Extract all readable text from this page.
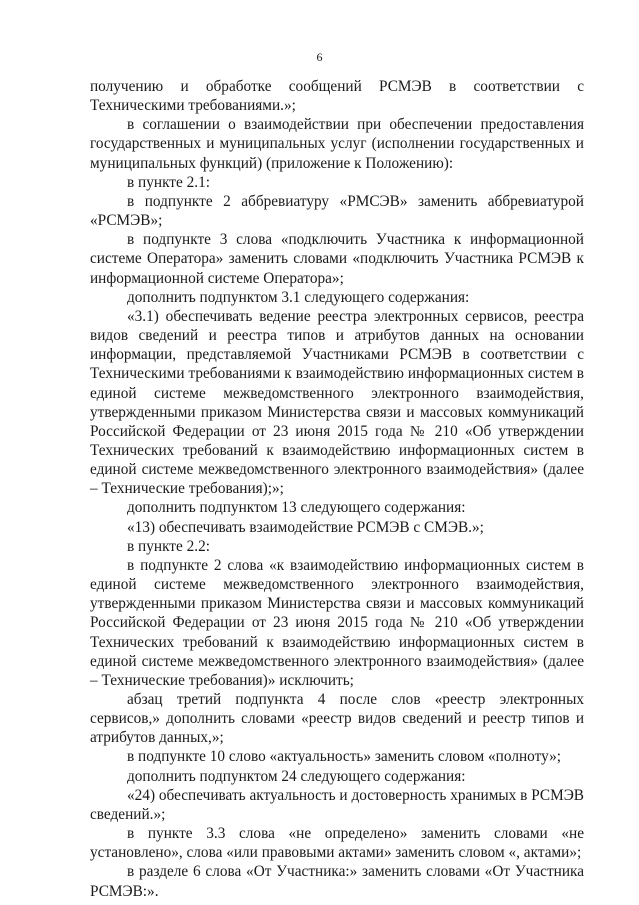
6

получению и обработке сообщений РСМЭВ в соответствии с Техническими требованиями.»;

в соглашении о взаимодействии при обеспечении предоставления государственных и муниципальных услуг (исполнении государственных и муниципальных функций) (приложение к Положению):

в пункте 2.1:

в подпункте 2 аббревиатуру «РМСЭВ» заменить аббревиатурой «РСМЭВ»;

в подпункте 3 слова «подключить Участника к информационной системе Оператора» заменить словами «подключить Участника РСМЭВ к информационной системе Оператора»;

дополнить подпунктом 3.1 следующего содержания:

«3.1) обеспечивать ведение реестра электронных сервисов, реестра видов сведений и реестра типов и атрибутов данных на основании информации, представляемой Участниками РСМЭВ в соответствии с Техническими требованиями к взаимодействию информационных систем в единой системе межведомственного электронного взаимодействия, утвержденными приказом Министерства связи и массовых коммуникаций Российской Федерации от 23 июня 2015 года № 210 «Об утверждении Технических требований к взаимодействию информационных систем в единой системе межведомственного электронного взаимодействия» (далее – Технические требования);»;

дополнить подпунктом 13 следующего содержания:

«13) обеспечивать взаимодействие РСМЭВ с СМЭВ.»;

в пункте 2.2:

в подпункте 2 слова «к взаимодействию информационных систем в единой системе межведомственного электронного взаимодействия, утвержденными приказом Министерства связи и массовых коммуникаций Российской Федерации от 23 июня 2015 года № 210 «Об утверждении Технических требований к взаимодействию информационных систем в единой системе межведомственного электронного взаимодействия» (далее – Технические требования)» исключить;

абзац третий подпункта 4 после слов «реестр электронных сервисов,» дополнить словами «реестр видов сведений и реестр типов и атрибутов данных,»;

в подпункте 10 слово «актуальность» заменить словом «полноту»;

дополнить подпунктом 24 следующего содержания:

«24) обеспечивать актуальность и достоверность хранимых в РСМЭВ сведений.»;

в пункте 3.3 слова «не определено» заменить словами «не установлено», слова «или правовыми актами» заменить словом «, актами»;

в разделе 6 слова «От Участника:» заменить словами «От Участника РСМЭВ:».
